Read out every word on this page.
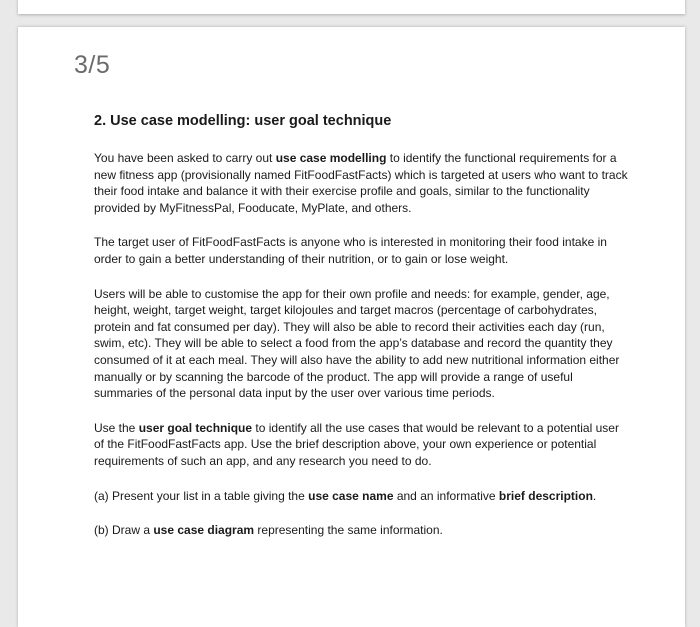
3/5
2. Use case modelling: user goal technique

You have been asked to carry out use case modelling to identify the functional requirements for a new fitness app (provisionally named FitFoodFastFacts) which is targeted at users who want to track their food intake and balance it with their exercise profile and goals, similar to the functionality provided by MyFitnessPal, Fooducate, MyPlate, and others.

The target user of FitFoodFastFacts is anyone who is interested in monitoring their food intake in order to gain a better understanding of their nutrition, or to gain or lose weight.

Users will be able to customise the app for their own profile and needs: for example, gender, age, height, weight, target weight, target kilojoules and target macros (percentage of carbohydrates, protein and fat consumed per day). They will also be able to record their activities each day (run, swim, etc). They will be able to select a food from the app’s database and record the quantity they consumed of it at each meal. They will also have the ability to add new nutritional information either manually or by scanning the barcode of the product. The app will provide a range of useful summaries of the personal data input by the user over various time periods.

Use the user goal technique to identify all the use cases that would be relevant to a potential user of the FitFoodFastFacts app. Use the brief description above, your own experience or potential requirements of such an app, and any research you need to do.

(a) Present your list in a table giving the use case name and an informative brief description.

(b) Draw a use case diagram representing the same information.
